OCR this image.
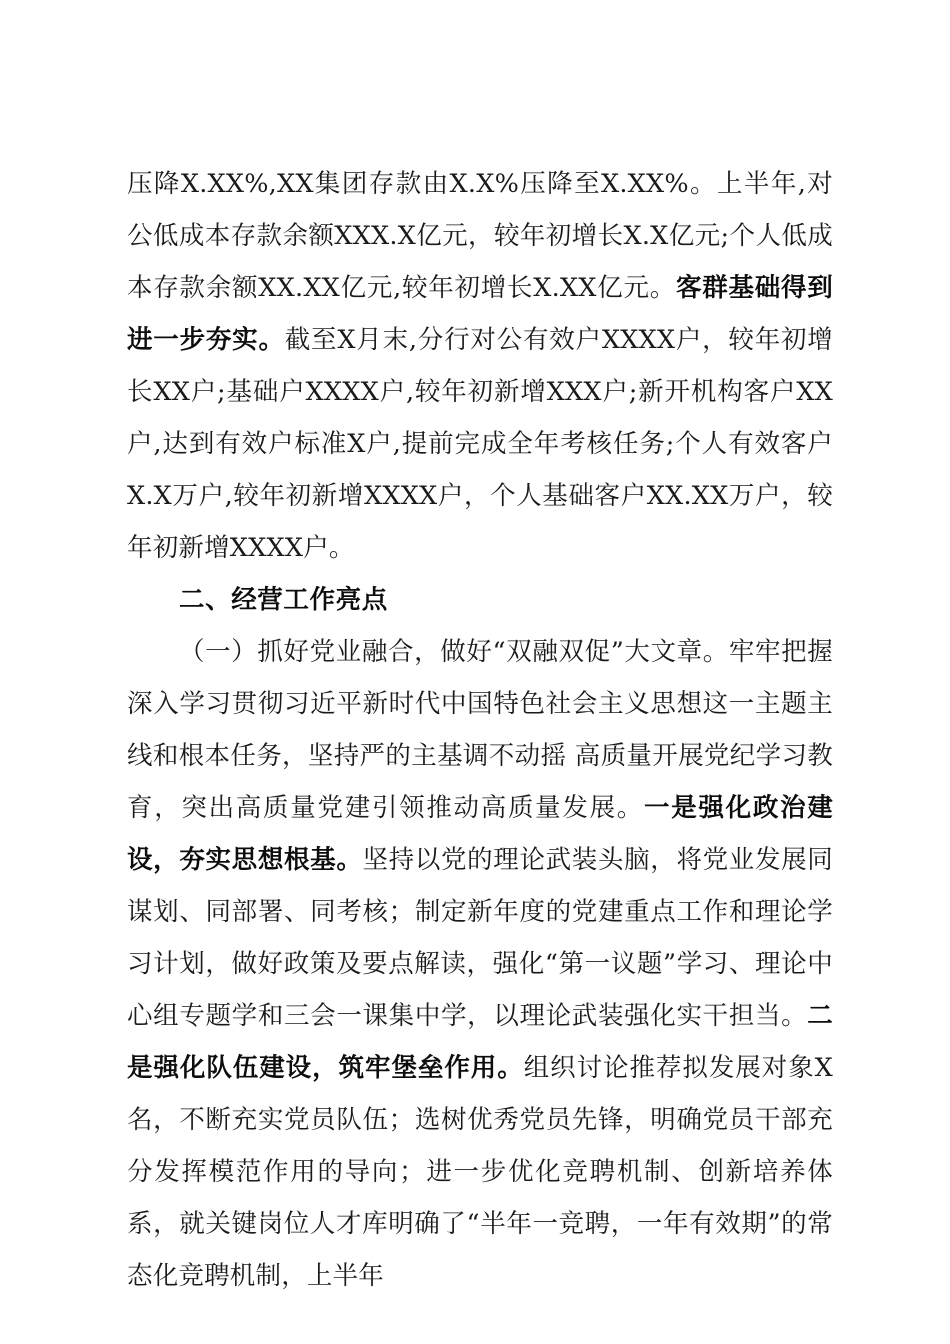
压降X.XX%,XX集团存款由X.X%压降至X.XX%。上半年,对公低成本存款余额XXX.X亿元，较年初增长X.X亿元;个人低成本存款余额XX.XX亿元,较年初增长X.XX亿元。客群基础得到进一步夯实。截至X月末,分行对公有效户XXXX户，较年初增长XX户;基础户XXXX户,较年初新增XXX户;新开机构客户XX户,达到有效户标准X户,提前完成全年考核任务;个人有效客户X.X万户,较年初新增XXXX户，个人基础客户XX.XX万户，较年初新增XXXX户。

二、经营工作亮点

（一）抓好党业融合，做好“双融双促”大文章。牢牢把握深入学习贯彻习近平新时代中国特色社会主义思想这一主题主线和根本任务，坚持严的主基调不动摇 高质量开展党纪学习教育，突出高质量党建引领推动高质量发展。一是强化政治建设，夯实思想根基。坚持以党的理论武装头脑，将党业发展同谋划、同部署、同考核；制定新年度的党建重点工作和理论学习计划，做好政策及要点解读，强化“第一议题”学习、理论中心组专题学和三会一课集中学，以理论武装强化实干担当。二是强化队伍建设，筑牢堡垒作用。组织讨论推荐拟发展对象X名，不断充实党员队伍；选树优秀党员先锋，明确党员干部充分发挥模范作用的导向；进一步优化竞聘机制、创新培养体系，就关键岗位人才库明确了“半年一竞聘，一年有效期”的常态化竞聘机制，上半年
